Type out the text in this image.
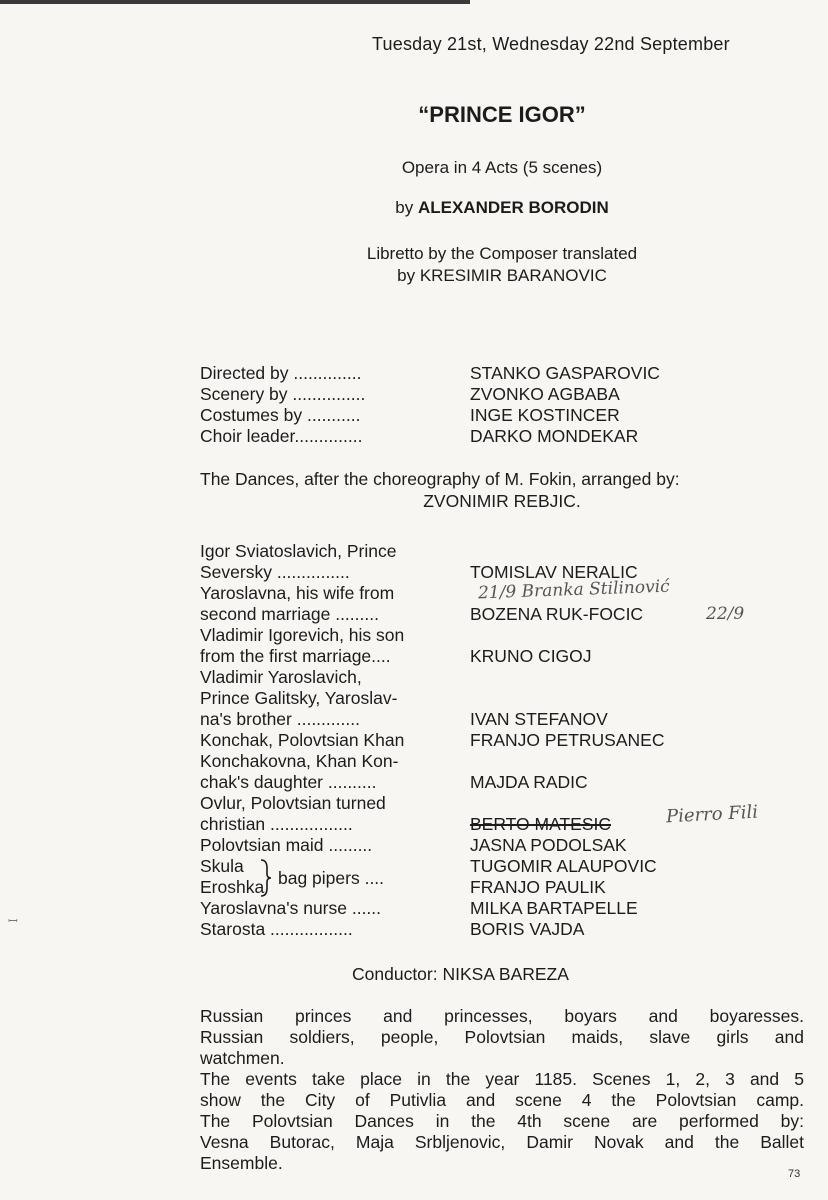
Tuesday 21st, Wednesday 22nd September
“PRINCE IGOR”
Opera in 4 Acts (5 scenes)
by ALEXANDER BORODIN
Libretto by the Composer translated
by KRESIMIR BARANOVIC
Directed by ..............	STANKO GASPAROVIC
Scenery by ...............	ZVONKO AGBABA
Costumes by ...........	INGE KOSTINCER
Choir leader..............	DARKO MONDEKAR
The Dances, after the choreography of M. Fokin, arranged by:
ZVONIMIR REBJIC.
Igor Sviatoslavich, Prince
Seversky ...............	TOMISLAV NERALIC
Yaroslavna, his wife from
second marriage .........	BOZENA RUK-FOCIC
Vladimir Igorevich, his son
from the first marriage....	KRUNO CIGOJ
Vladimir Yaroslavich,
Prince Galitsky, Yaroslav-
na's brother .............	IVAN STEFANOV
Konchak, Polovtsian Khan	FRANJO PETRUSANEC
Konchakovna, Khan Kon-
chak's daughter ..........	MAJDA RADIC
Ovlur, Polovtsian turned
christian .................	BERTO MATESIC
Polovtsian maid .........	JASNA PODOLSAK
Skula	TUGOMIR ALAUPOVIC
Eroshka	FRANJO PAULIK
bag pipers ....
Yaroslavna's nurse ......	MILKA BARTAPELLE
Starosta .................	BORIS VAJDA
21/9 Branka Stilinović
22/9
Pierro Fili
Conductor: NIKSA BAREZA
Russian princes and princesses, boyars and boyaresses.
Russian soldiers, people, Polovtsian maids, slave girls and
watchmen.
The events take place in the year 1185. Scenes 1, 2, 3 and 5
show the City of Putivlia and scene 4 the Polovtsian camp.
The Polovtsian Dances in the 4th scene are performed by:
Vesna Butorac, Maja Srbljenovic, Damir Novak and the Ballet
Ensemble.
73
ꟷ
